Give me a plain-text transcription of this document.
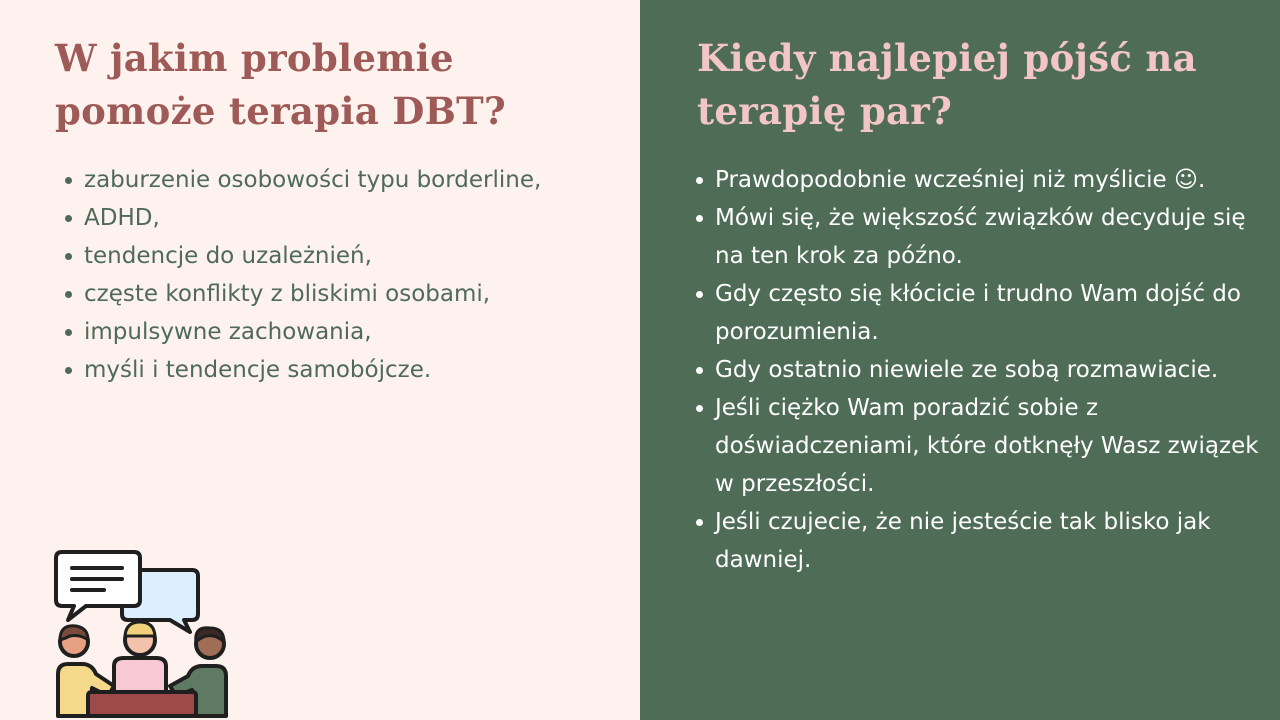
W jakim problemie pomoże terapia DBT?
zaburzenie osobowości typu borderline,
ADHD,
tendencje do uzależnień,
częste konflikty z bliskimi osobami,
impulsywne zachowania,
myśli i tendencje samobójcze.
Kiedy najlepiej pójść na terapię par?
Prawdopodobnie wcześniej niż myślicie ☺.
Mówi się, że większość związków decyduje się na ten krok za późno.
Gdy często się kłócicie i trudno Wam dojść do porozumienia.
Gdy ostatnio niewiele ze sobą rozmawiacie.
Jeśli ciężko Wam poradzić sobie z doświadczeniami, które dotknęły Wasz związek w przeszłości.
Jeśli czujecie, że nie jesteście tak blisko jak dawniej.
